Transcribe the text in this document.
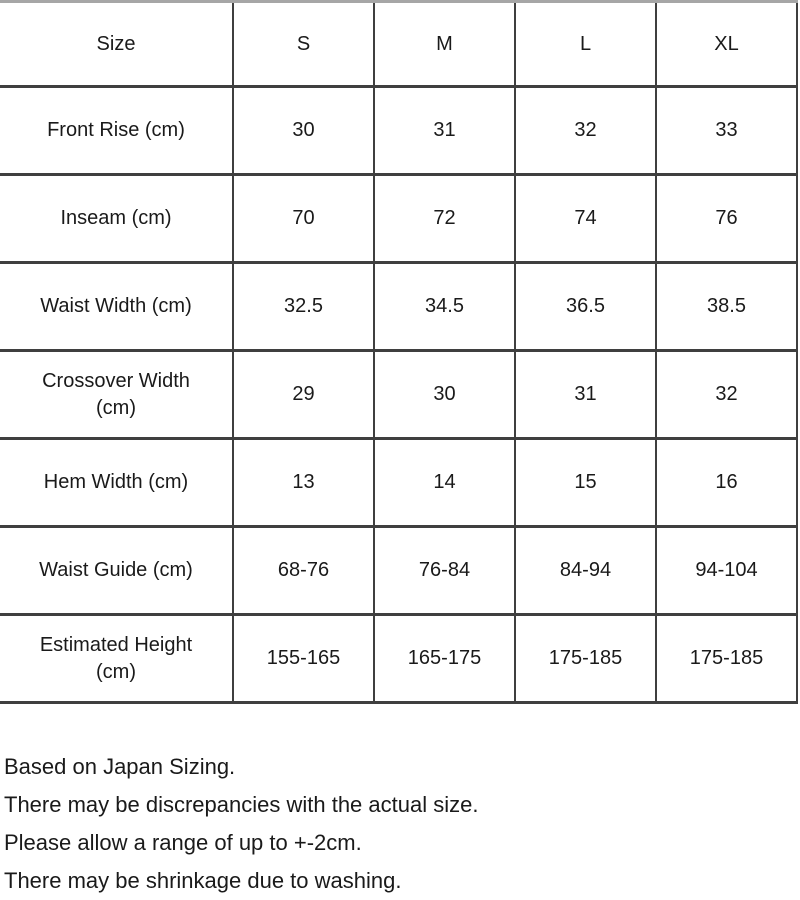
Size	S	M	L	XL
Front Rise (cm)	30	31	32	33
Inseam (cm)	70	72	74	76
Waist Width (cm)	32.5	34.5	36.5	38.5
Crossover Width (cm)	29	30	31	32
Hem Width (cm)	13	14	15	16
Waist Guide (cm)	68-76	76-84	84-94	94-104
Estimated Height (cm)	155-165	165-175	175-185	175-185
Based on Japan Sizing.
There may be discrepancies with the actual size.
Please allow a range of up to +-2cm.
There may be shrinkage due to washing.
